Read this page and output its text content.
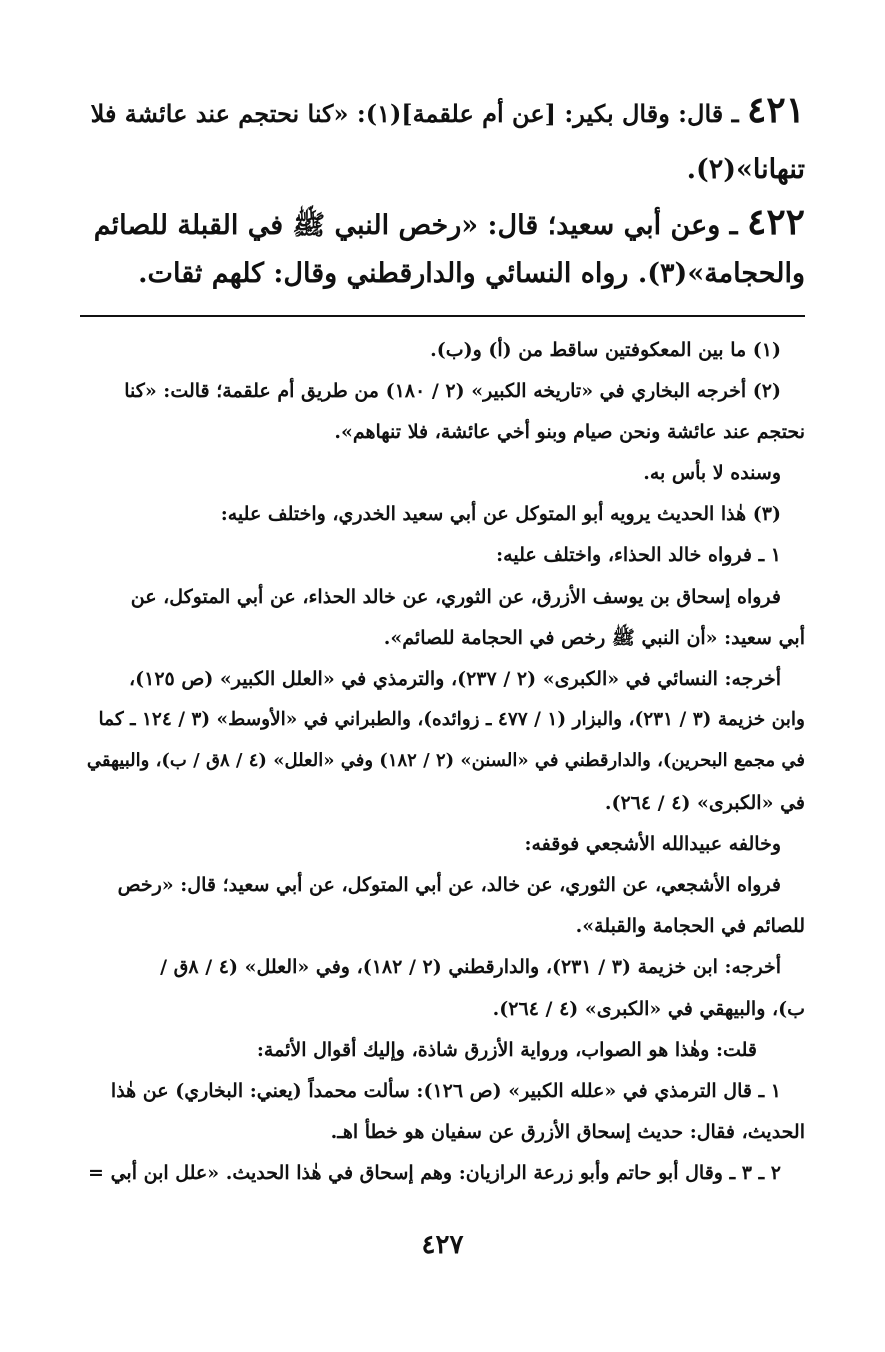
٤٢١ ـ قال: وقال بكير: [عن أم علقمة](١): «كنا نحتجم عند عائشة فلا
تنهانا»(٢).
٤٢٢ ـ وعن أبي سعيد؛ قال: «رخص النبي ﷺ في القبلة للصائم
والحجامة»(٣). رواه النسائي والدارقطني وقال: كلهم ثقات.
(١) ما بين المعكوفتين ساقط من (أ) و(ب).
(٢) أخرجه البخاري في «تاريخه الكبير» (٢ / ١٨٠) من طريق أم علقمة؛ قالت: «كنا
نحتجم عند عائشة ونحن صيام وبنو أخي عائشة، فلا تنهاهم».
وسنده لا بأس به.
(٣) هٰذا الحديث يرويه أبو المتوكل عن أبي سعيد الخدري، واختلف عليه:
١ ـ فرواه خالد الحذاء، واختلف عليه:
فرواه إسحاق بن يوسف الأزرق، عن الثوري، عن خالد الحذاء، عن أبي المتوكل، عن
أبي سعيد: «أن النبي ﷺ رخص في الحجامة للصائم».
أخرجه: النسائي في «الكبرى» (٢ / ٢٣٧)، والترمذي في «العلل الكبير» (ص ١٢٥)،
وابن خزيمة (٣ / ٢٣١)، والبزار (١ / ٤٧٧ ـ زوائده)، والطبراني في «الأوسط» (٣ / ١٢٤ ـ كما
في مجمع البحرين)، والدارقطني في «السنن» (٢ / ١٨٢) وفي «العلل» (٤ / ٨ق / ب)، والبيهقي
في «الكبرى» (٤ / ٢٦٤).
وخالفه عبيدالله الأشجعي فوقفه:
فرواه الأشجعي، عن الثوري، عن خالد، عن أبي المتوكل، عن أبي سعيد؛ قال: «رخص
للصائم في الحجامة والقبلة».
أخرجه: ابن خزيمة (٣ / ٢٣١)، والدارقطني (٢ / ١٨٢)، وفي «العلل» (٤ / ٨ق /
ب)، والبيهقي في «الكبرى» (٤ / ٢٦٤).
قلت: وهٰذا هو الصواب، ورواية الأزرق شاذة، وإليك أقوال الأئمة:
١ ـ قال الترمذي في «علله الكبير» (ص ١٢٦): سألت محمداً (يعني: البخاري) عن هٰذا
الحديث، فقال: حديث إسحاق الأزرق عن سفيان هو خطأ اهـ.
٢ ـ ٣ ـ وقال أبو حاتم وأبو زرعة الرازيان: وهم إسحاق في هٰذا الحديث. «علل ابن أبي =
٤٢٧
